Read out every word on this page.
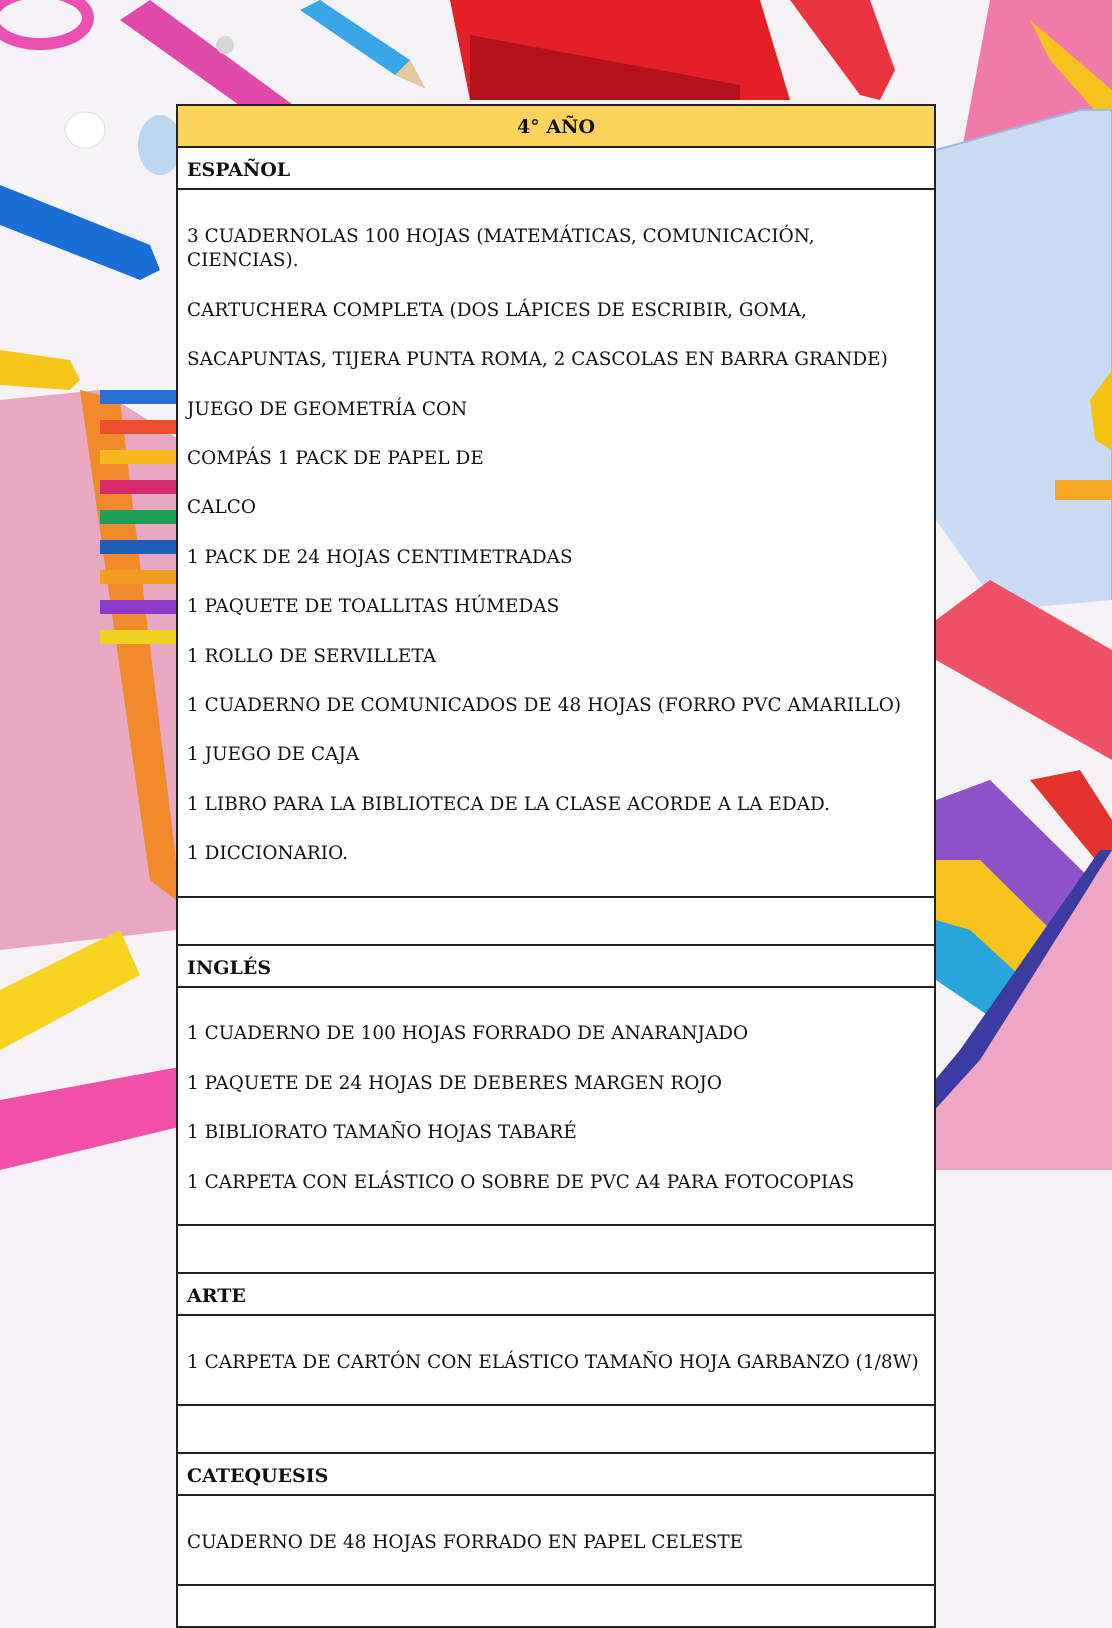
4° AÑO
ESPAÑOL

3 CUADERNOLAS 100 HOJAS (MATEMÁTICAS, COMUNICACIÓN, CIENCIAS).

CARTUCHERA COMPLETA (DOS LÁPICES DE ESCRIBIR, GOMA,

SACAPUNTAS, TIJERA PUNTA ROMA, 2 CASCOLAS EN BARRA GRANDE)

JUEGO DE GEOMETRÍA CON

COMPÁS 1 PACK DE PAPEL DE

CALCO

1 PACK DE 24 HOJAS CENTIMETRADAS

1 PAQUETE DE TOALLITAS HÚMEDAS

1 ROLLO DE SERVILLETA

1 CUADERNO DE COMUNICADOS DE 48 HOJAS (FORRO PVC AMARILLO)

1 JUEGO DE CAJA

1 LIBRO PARA LA BIBLIOTECA DE LA CLASE ACORDE A LA EDAD.

1 DICCIONARIO.

INGLÉS

1 CUADERNO DE 100 HOJAS FORRADO DE ANARANJADO

1 PAQUETE DE 24 HOJAS DE DEBERES MARGEN ROJO

1 BIBLIORATO TAMAÑO HOJAS TABARÉ

1 CARPETA CON ELÁSTICO O SOBRE DE PVC A4 PARA FOTOCOPIAS

ARTE

1 CARPETA DE CARTÓN CON ELÁSTICO TAMAÑO HOJA GARBANZO (1/8W)

CATEQUESIS

CUADERNO DE 48 HOJAS FORRADO EN PAPEL CELESTE
